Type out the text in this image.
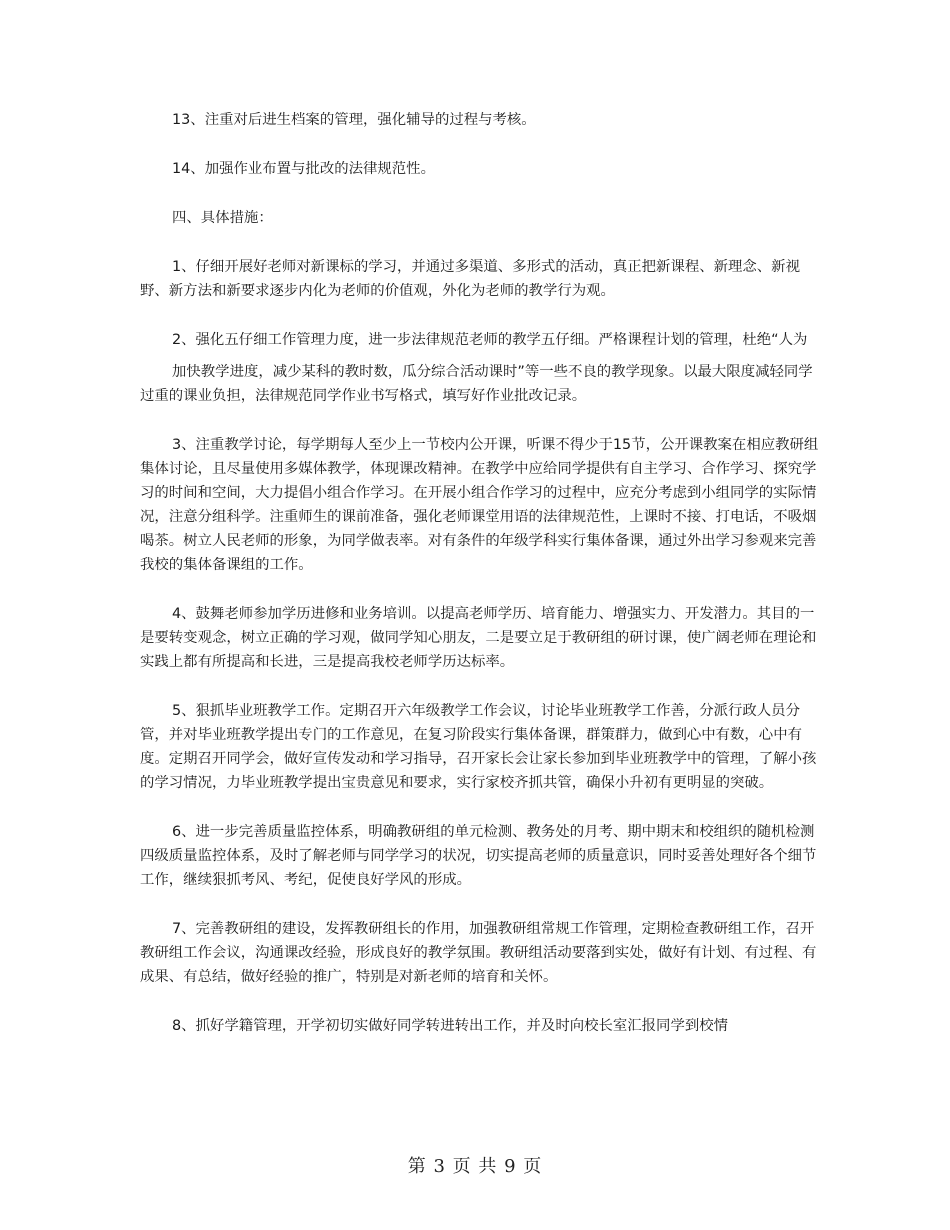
13、注重对后进生档案的管理，强化辅导的过程与考核。

14、加强作业布置与批改的法律规范性。

四、具体措施：

1、仔细开展好老师对新课标的学习，并通过多渠道、多形式的活动，真正把新课程、新理念、新视野、新方法和新要求逐步内化为老师的价值观，外化为老师的教学行为观。

2、强化五仔细工作管理力度，进一步法律规范老师的教学五仔细。严格课程计划的管理，杜绝“人为

加快教学进度，减少某科的教时数，瓜分综合活动课时”等一些不良的教学现象。以最大限度减轻同学过重的课业负担，法律规范同学作业书写格式，填写好作业批改记录。

3、注重教学讨论，每学期每人至少上一节校内公开课，听课不得少于15节，公开课教案在相应教研组集体讨论，且尽量使用多媒体教学，体现课改精神。在教学中应给同学提供有自主学习、合作学习、探究学习的时间和空间，大力提倡小组合作学习。在开展小组合作学习的过程中，应充分考虑到小组同学的实际情况，注意分组科学。注重师生的课前准备，强化老师课堂用语的法律规范性，上课时不接、打电话，不吸烟喝茶。树立人民老师的形象，为同学做表率。对有条件的年级学科实行集体备课，通过外出学习参观来完善我校的集体备课组的工作。

4、鼓舞老师参加学历进修和业务培训。以提高老师学历、培育能力、增强实力、开发潜力。其目的一是要转变观念，树立正确的学习观，做同学知心朋友，二是要立足于教研组的研讨课，使广阔老师在理论和实践上都有所提高和长进，三是提高我校老师学历达标率。

5、狠抓毕业班教学工作。定期召开六年级教学工作会议，讨论毕业班教学工作善，分派行政人员分管，并对毕业班教学提出专门的工作意见，在复习阶段实行集体备课，群策群力，做到心中有数，心中有度。定期召开同学会，做好宣传发动和学习指导，召开家长会让家长参加到毕业班教学中的管理，了解小孩的学习情况，力毕业班教学提出宝贵意见和要求，实行家校齐抓共管，确保小升初有更明显的突破。

6、进一步完善质量监控体系，明确教研组的单元检测、教务处的月考、期中期末和校组织的随机检测四级质量监控体系，及时了解老师与同学学习的状况，切实提高老师的质量意识，同时妥善处理好各个细节工作，继续狠抓考风、考纪，促使良好学风的形成。

7、完善教研组的建设，发挥教研组长的作用，加强教研组常规工作管理，定期检查教研组工作，召开教研组工作会议，沟通课改经验，形成良好的教学氛围。教研组活动要落到实处，做好有计划、有过程、有成果、有总结，做好经验的推广，特别是对新老师的培育和关怀。

8、抓好学籍管理，开学初切实做好同学转进转出工作，并及时向校长室汇报同学到校情

第 3 页 共 9 页
